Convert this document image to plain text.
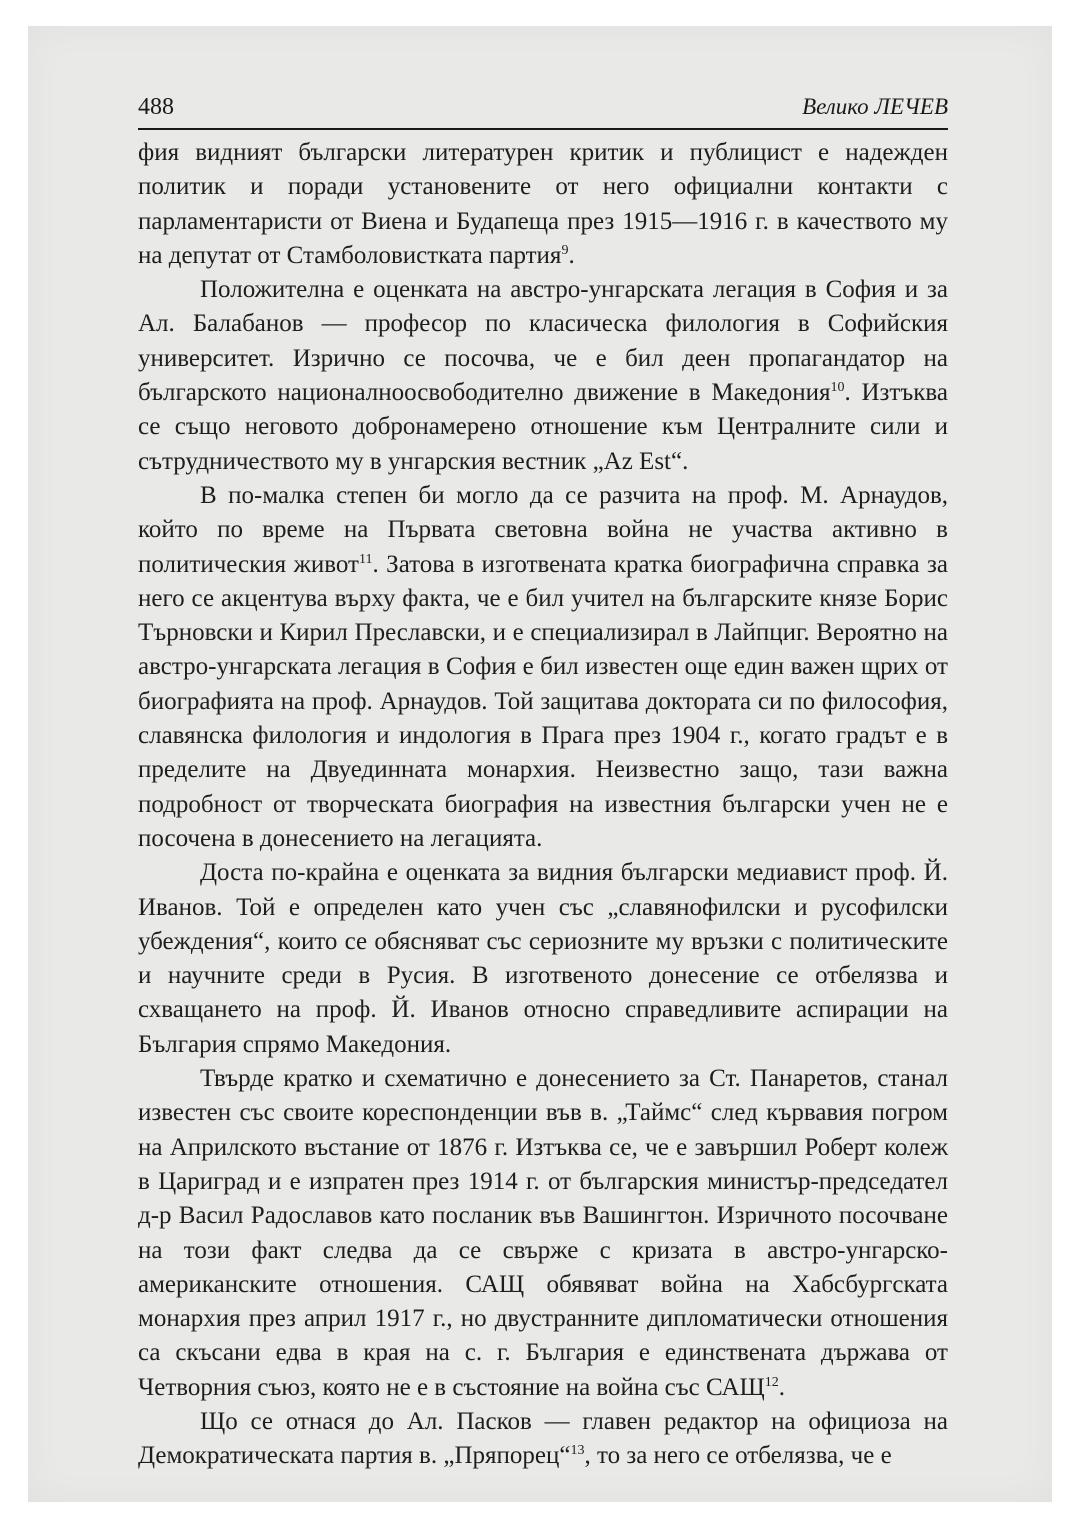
488	Велико ЛЕЧЕВ

фия видният български литературен критик и публицист е надежден политик и поради установените от него официални контакти с парламентаристи от Виена и Будапеща през 1915—1916 г. в качеството му на депутат от Стамболовистката партия$^9$.

Положителна е оценката на австро-унгарската легация в София и за Ал. Балабанов — професор по класическа филология в Софийския университет. Изрично се посочва, че е бил деен пропагандатор на българското националноосвободително движение в Македония$^{10}$. Изтъква се също неговото добронамерено отношение към Централните сили и сътрудничеството му в унгарския вестник „Az Est“.

В по-малка степен би могло да се разчита на проф. М. Арнаудов, който по време на Първата световна война не участва активно в политическия живот$^{11}$. Затова в изготвената кратка биографична справка за него се акцентува върху факта, че е бил учител на българските князе Борис Търновски и Кирил Преславски, и е специализирал в Лайпциг. Вероятно на австро-унгарската легация в София е бил известен още един важен щрих от биографията на проф. Арнаудов. Той защитава доктората си по философия, славянска филология и индология в Прага през 1904 г., когато градът е в пределите на Двуединната монархия. Неизвестно защо, тази важна подробност от творческата биография на известния български учен не е посочена в донесението на легацията.

Доста по-крайна е оценката за видния български медиавист проф. Й. Иванов. Той е определен като учен със „славянофилски и русофилски убеждения“, които се обясняват със сериозните му връзки с политическите и научните среди в Русия. В изготвеното донесение се отбелязва и схващането на проф. Й. Иванов относно справедливите аспирации на България спрямо Македония.

Твърде кратко и схематично е донесението за Ст. Панаретов, станал известен със своите кореспонденции във в. „Таймс“ след кървавия погром на Априлското въстание от 1876 г. Изтъква се, че е завършил Роберт колеж в Цариград и е изпратен през 1914 г. от българския министър-председател д-р Васил Радославов като посланик във Вашингтон. Изричното посочване на този факт следва да се свърже с кризата в австро-унгарско-американските отношения. САЩ обявяват война на Хабсбургската монархия през април 1917 г., но двустранните дипломатически отношения са скъсани едва в края на с. г. България е единствената държава от Четворния съюз, която не е в състояние на война със САЩ$^{12}$.

Що се отнася до Ал. Пасков — главен редактор на официоза на Демократическата партия в. „Пряпорец“$^{13}$, то за него се отбелязва, че е
